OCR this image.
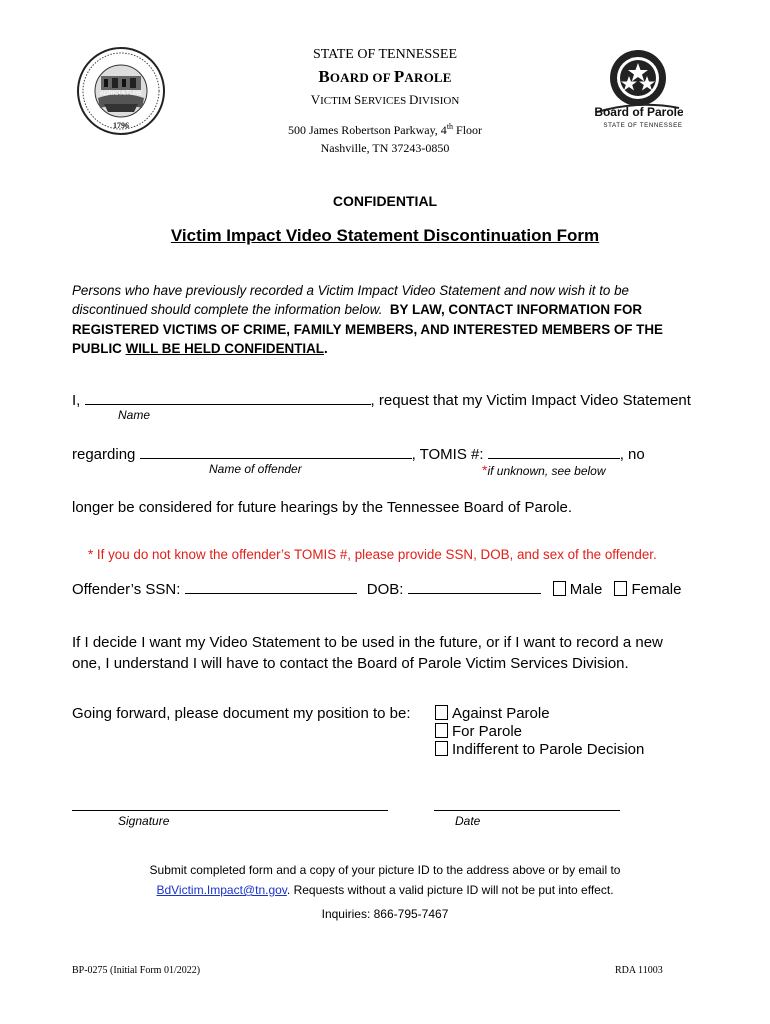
AGRICULTURE
1796
STATE OF TENNESSEE
BOARD OF PAROLE
VICTIM SERVICES DIVISION
500 James Robertson Parkway, 4th Floor
Nashville, TN 37243-0850
Board of Parole
STATE OF TENNESSEE
CONFIDENTIAL
Victim Impact Video Statement Discontinuation Form
Persons who have previously recorded a Victim Impact Video Statement and now wish it to be discontinued should complete the information below. BY LAW, CONTACT INFORMATION FOR REGISTERED VICTIMS OF CRIME, FAMILY MEMBERS, AND INTERESTED MEMBERS OF THE PUBLIC WILL BE HELD CONFIDENTIAL.
I,	, request that my Victim Impact Video Statement
Name
regarding	, TOMIS #:	, no
Name of offender	*if unknown, see below
longer be considered for future hearings by the Tennessee Board of Parole.
* If you do not know the offender’s TOMIS #, please provide SSN, DOB, and sex of the offender.
Offender’s SSN:	DOB:	Male Female
If I decide I want my Video Statement to be used in the future, or if I want to record a new one, I understand I will have to contact the Board of Parole Victim Services Division.
Going forward, please document my position to be:	Against Parole
For Parole
Indifferent to Parole Decision
Signature	Date
Submit completed form and a copy of your picture ID to the address above or by email to
BdVictim.Impact@tn.gov. Requests without a valid picture ID will not be put into effect.
Inquiries: 866-795-7467
BP-0275 (Initial Form 01/2022)	RDA 11003
